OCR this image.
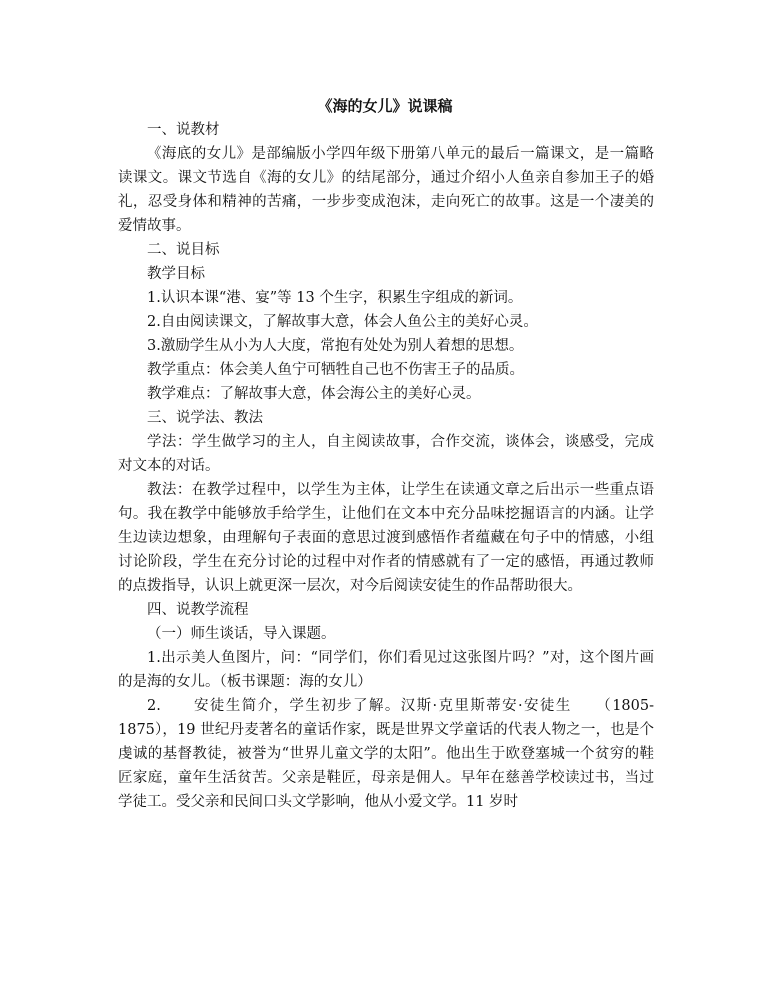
《海的女儿》说课稿

一、说教材

《海底的女儿》是部编版小学四年级下册第八单元的最后一篇课文，是一篇略读课文。课文节选自《海的女儿》的结尾部分，通过介绍小人鱼亲自参加王子的婚礼，忍受身体和精神的苦痛，一步步变成泡沫，走向死亡的故事。这是一个凄美的爱情故事。

二、说目标

教学目标

1.认识本课“港、宴”等 13 个生字，积累生字组成的新词。

2.自由阅读课文，了解故事大意，体会人鱼公主的美好心灵。

3.激励学生从小为人大度，常抱有处处为别人着想的思想。

教学重点：体会美人鱼宁可牺牲自己也不伤害王子的品质。

教学难点：了解故事大意，体会海公主的美好心灵。

三、说学法、教法

学法：学生做学习的主人，自主阅读故事，合作交流，谈体会，谈感受，完成对文本的对话。

教法：在教学过程中，以学生为主体，让学生在读通文章之后出示一些重点语句。我在教学中能够放手给学生，让他们在文本中充分品味挖掘语言的内涵。让学生边读边想象，由理解句子表面的意思过渡到感悟作者蕴藏在句子中的情感，小组讨论阶段，学生在充分讨论的过程中对作者的情感就有了一定的感悟，再通过教师的点拨指导，认识上就更深一层次，对今后阅读安徒生的作品帮助很大。

四、说教学流程

（一）师生谈话，导入课题。

1.出示美人鱼图片，问：“同学们，你们看见过这张图片吗？”对，这个图片画的是海的女儿。（板书课题：海的女儿）

2.　　安徒生简介，学生初步了解。汉斯·克里斯蒂安·安徒生　　（1805-1875），19 世纪丹麦著名的童话作家，既是世界文学童话的代表人物之一，也是个虔诚的基督教徒，被誉为“世界儿童文学的太阳”。他出生于欧登塞城一个贫穷的鞋匠家庭，童年生活贫苦。父亲是鞋匠，母亲是佣人。早年在慈善学校读过书，当过学徒工。受父亲和民间口头文学影响，他从小爱文学。11 岁时
